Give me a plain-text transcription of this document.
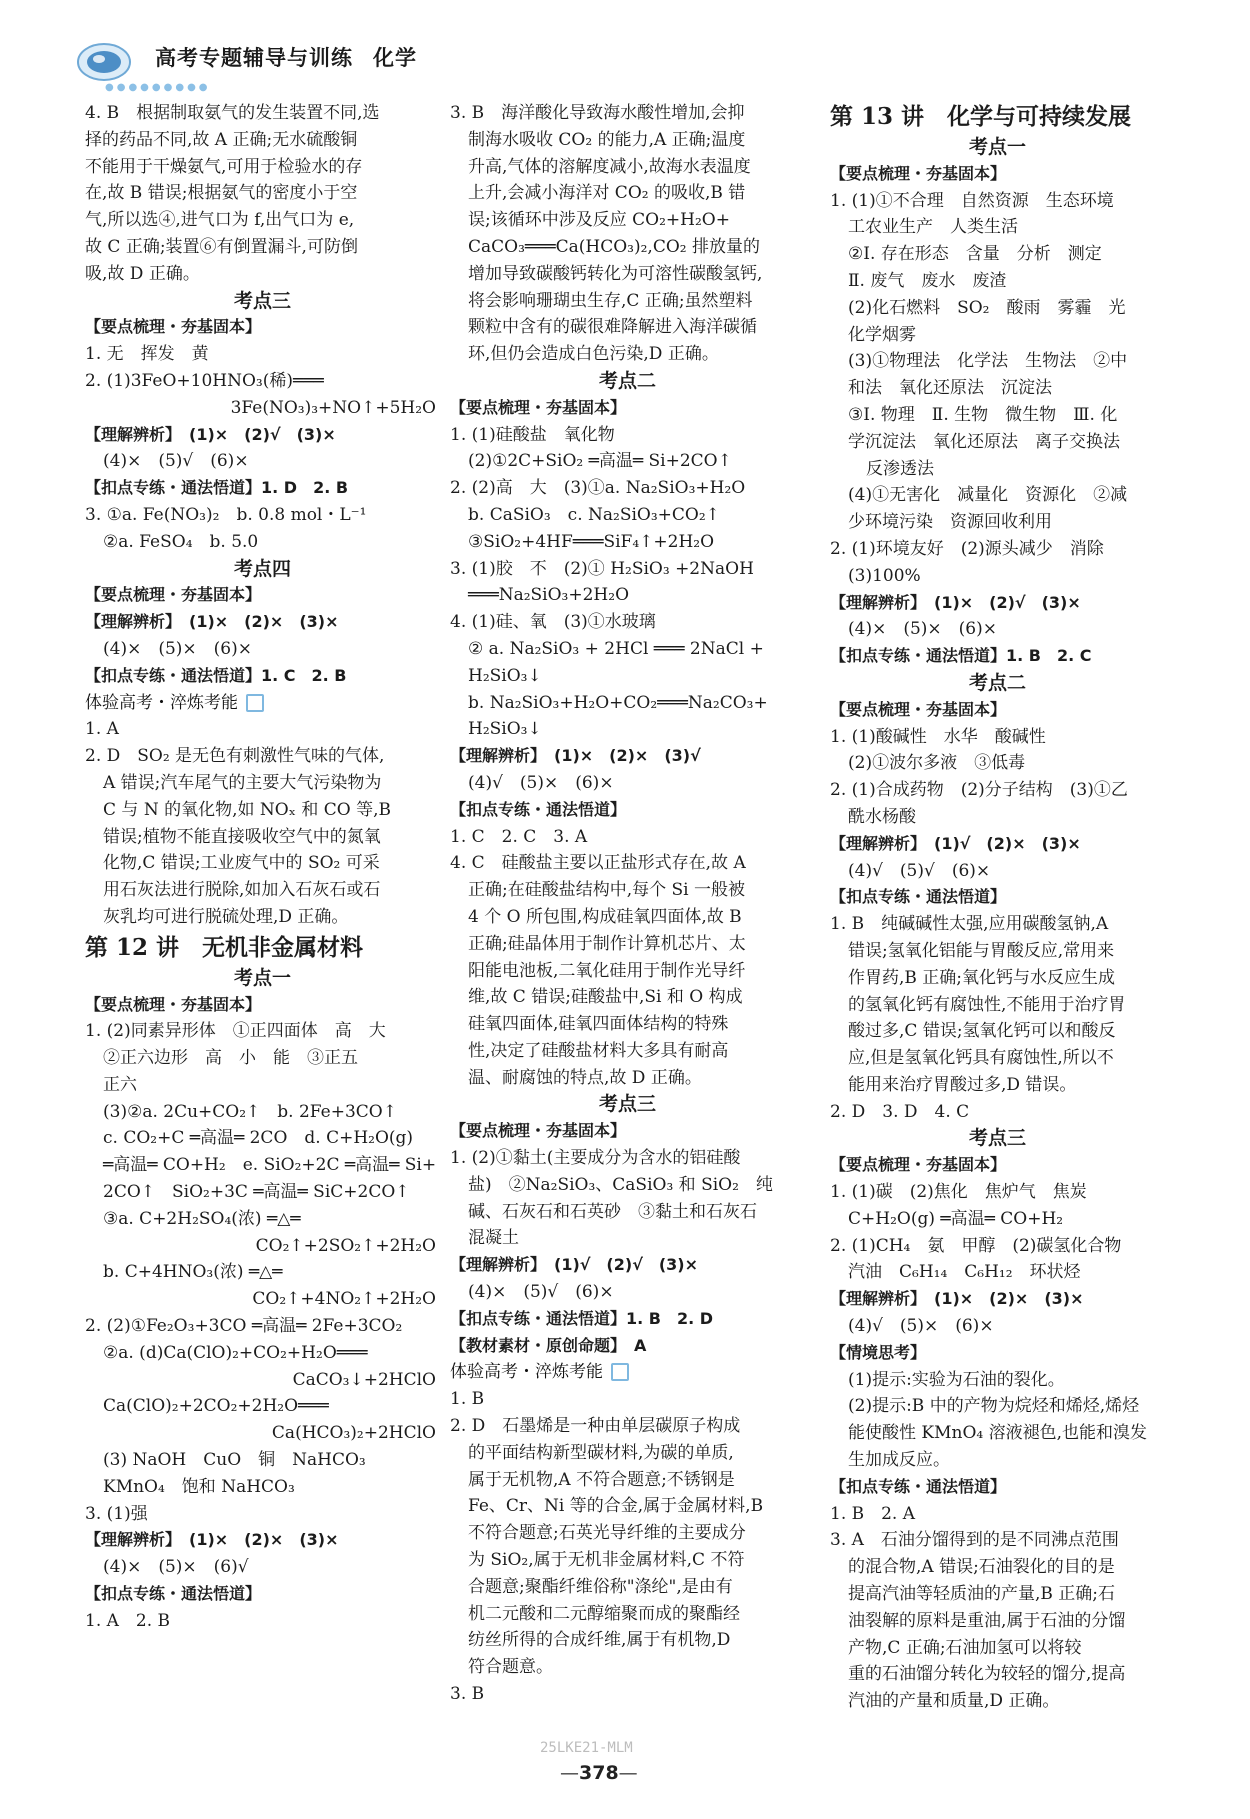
高考专题辅导与训练 化学
●●●●●●●●●
4. B　根据制取氨气的发生装置不同,选
择的药品不同,故 A 正确;无水硫酸铜
不能用于干燥氨气,可用于检验水的存
在,故 B 错误;根据氨气的密度小于空
气,所以选④,进气口为 f,出气口为 e,
故 C 正确;装置⑥有倒置漏斗,可防倒
吸,故 D 正确。
考点三
【要点梳理・夯基固本】
1. 无　挥发　黄
2. (1)3FeO+10HNO₃(稀)═══
3Fe(NO₃)₃+NO↑+5H₂O
【理解辨析】　(1)×　(2)√　(3)×
(4)×　(5)√　(6)×
【扣点专练・通法悟道】1. D　2. B
3. ①a. Fe(NO₃)₂　b. 0.8 mol・L⁻¹
②a. FeSO₄　b. 5.0
考点四
【要点梳理・夯基固本】
【理解辨析】　(1)×　(2)×　(3)×
(4)×　(5)×　(6)×
【扣点专练・通法悟道】1. C　2. B
体验高考・淬炼考能
1. A
2. D　SO₂ 是无色有刺激性气味的气体,
A 错误;汽车尾气的主要大气污染物为
C 与 N 的氧化物,如 NOₓ 和 CO 等,B
错误;植物不能直接吸收空气中的氮氧
化物,C 错误;工业废气中的 SO₂ 可采
用石灰法进行脱除,如加入石灰石或石
灰乳均可进行脱硫处理,D 正确。
第 12 讲　无机非金属材料
考点一
【要点梳理・夯基固本】
1. (2)同素异形体　①正四面体　高　大
②正六边形　高　小　能　③正五
正六
(3)②a. 2Cu+CO₂↑　b. 2Fe+3CO↑
c. CO₂+C ═高温═ 2CO　d. C+H₂O(g)
═高温═ CO+H₂　e. SiO₂+2C ═高温═ Si+
2CO↑　SiO₂+3C ═高温═ SiC+2CO↑
③a. C+2H₂SO₄(浓) ═△═
CO₂↑+2SO₂↑+2H₂O
b. C+4HNO₃(浓) ═△═
CO₂↑+4NO₂↑+2H₂O
2. (2)①Fe₂O₃+3CO ═高温═ 2Fe+3CO₂
②a. (d)Ca(ClO)₂+CO₂+H₂O═══
CaCO₃↓+2HClO
Ca(ClO)₂+2CO₂+2H₂O═══
Ca(HCO₃)₂+2HClO
(3) NaOH　CuO　铜　NaHCO₃
KMnO₄　饱和 NaHCO₃
3. (1)强
【理解辨析】　(1)×　(2)×　(3)×
(4)×　(5)×　(6)√
【扣点专练・通法悟道】
1. A　2. B
3. B　海洋酸化导致海水酸性增加,会抑
制海水吸收 CO₂ 的能力,A 正确;温度
升高,气体的溶解度减小,故海水表温度
上升,会减小海洋对 CO₂ 的吸收,B 错
误;该循环中涉及反应 CO₂+H₂O+
CaCO₃═══Ca(HCO₃)₂,CO₂ 排放量的
增加导致碳酸钙转化为可溶性碳酸氢钙,
将会影响珊瑚虫生存,C 正确;虽然塑料
颗粒中含有的碳很难降解进入海洋碳循
环,但仍会造成白色污染,D 正确。
考点二
【要点梳理・夯基固本】
1. (1)硅酸盐　氧化物
(2)①2C+SiO₂ ═高温═ Si+2CO↑
2. (2)高　大　(3)①a. Na₂SiO₃+H₂O
b. CaSiO₃　c. Na₂SiO₃+CO₂↑
③SiO₂+4HF═══SiF₄↑+2H₂O
3. (1)胶　不　(2)① H₂SiO₃ +2NaOH
═══Na₂SiO₃+2H₂O
4. (1)硅、氧　(3)①水玻璃
② a. Na₂SiO₃ + 2HCl ═══ 2NaCl +
H₂SiO₃↓
b. Na₂SiO₃+H₂O+CO₂═══Na₂CO₃+
H₂SiO₃↓
【理解辨析】　(1)×　(2)×　(3)√
(4)√　(5)×　(6)×
【扣点专练・通法悟道】
1. C　2. C　3. A
4. C　硅酸盐主要以正盐形式存在,故 A
正确;在硅酸盐结构中,每个 Si 一般被
4 个 O 所包围,构成硅氧四面体,故 B
正确;硅晶体用于制作计算机芯片、太
阳能电池板,二氧化硅用于制作光导纤
维,故 C 错误;硅酸盐中,Si 和 O 构成
硅氧四面体,硅氧四面体结构的特殊
性,决定了硅酸盐材料大多具有耐高
温、耐腐蚀的特点,故 D 正确。
考点三
【要点梳理・夯基固本】
1. (2)①黏土(主要成分为含水的铝硅酸
盐)　②Na₂SiO₃、CaSiO₃ 和 SiO₂　纯
碱、石灰石和石英砂　③黏土和石灰石
混凝土
【理解辨析】　(1)√　(2)√　(3)×
(4)×　(5)√　(6)×
【扣点专练・通法悟道】1. B　2. D
【教材素材・原创命题】　A
体验高考・淬炼考能
1. B
2. D　石墨烯是一种由单层碳原子构成
的平面结构新型碳材料,为碳的单质,
属于无机物,A 不符合题意;不锈钢是
Fe、Cr、Ni 等的合金,属于金属材料,B
不符合题意;石英光导纤维的主要成分
为 SiO₂,属于无机非金属材料,C 不符
合题意;聚酯纤维俗称"涤纶",是由有
机二元酸和二元醇缩聚而成的聚酯经
纺丝所得的合成纤维,属于有机物,D
符合题意。
3. B
第 13 讲　化学与可持续发展
考点一
【要点梳理・夯基固本】
1. (1)①不合理　自然资源　生态环境
工农业生产　人类生活
②Ⅰ. 存在形态　含量　分析　测定
Ⅱ. 废气　废水　废渣
(2)化石燃料　SO₂　酸雨　雾霾　光
化学烟雾
(3)①物理法　化学法　生物法　②中
和法　氧化还原法　沉淀法
③Ⅰ. 物理　Ⅱ. 生物　微生物　Ⅲ. 化
学沉淀法　氧化还原法　离子交换法
反渗透法
(4)①无害化　减量化　资源化　②减
少环境污染　资源回收利用
2. (1)环境友好　(2)源头减少　消除
(3)100%
【理解辨析】　(1)×　(2)√　(3)×
(4)×　(5)×　(6)×
【扣点专练・通法悟道】1. B　2. C
考点二
【要点梳理・夯基固本】
1. (1)酸碱性　水华　酸碱性
(2)①波尔多液　③低毒
2. (1)合成药物　(2)分子结构　(3)①乙
酰水杨酸
【理解辨析】　(1)√　(2)×　(3)×
(4)√　(5)√　(6)×
【扣点专练・通法悟道】
1. B　纯碱碱性太强,应用碳酸氢钠,A
错误;氢氧化铝能与胃酸反应,常用来
作胃药,B 正确;氧化钙与水反应生成
的氢氧化钙有腐蚀性,不能用于治疗胃
酸过多,C 错误;氢氧化钙可以和酸反
应,但是氢氧化钙具有腐蚀性,所以不
能用来治疗胃酸过多,D 错误。
2. D　3. D　4. C
考点三
【要点梳理・夯基固本】
1. (1)碳　(2)焦化　焦炉气　焦炭
C+H₂O(g) ═高温═ CO+H₂
2. (1)CH₄　氨　甲醇　(2)碳氢化合物
汽油　C₆H₁₄　C₆H₁₂　环状烃
【理解辨析】　(1)×　(2)×　(3)×
(4)√　(5)×　(6)×
【情境思考】
(1)提示:实验为石油的裂化。
(2)提示:B 中的产物为烷烃和烯烃,烯烃
能使酸性 KMnO₄ 溶液褪色,也能和溴发
生加成反应。
【扣点专练・通法悟道】
1. B　2. A
3. A　石油分馏得到的是不同沸点范围
的混合物,A 错误;石油裂化的目的是
提高汽油等轻质油的产量,B 正确;石
油裂解的原料是重油,属于石油的分馏
产物,C 正确;石油加氢可以将较
重的石油馏分转化为较轻的馏分,提高
汽油的产量和质量,D 正确。
25LKE21-MLM
—378—
